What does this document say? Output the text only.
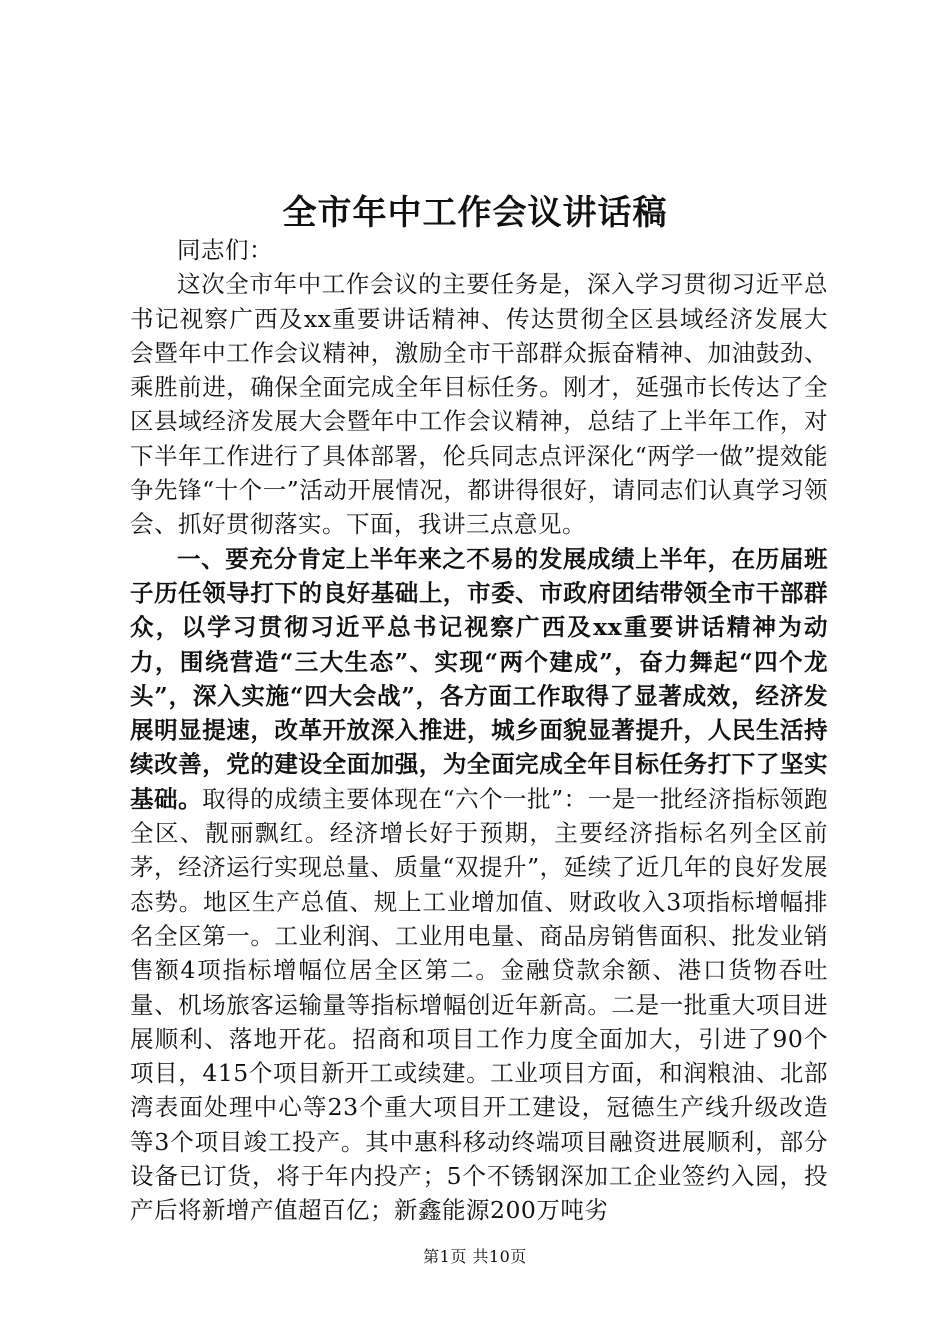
全市年中工作会议讲话稿

同志们：

这次全市年中工作会议的主要任务是，深入学习贯彻习近平总书记视察广西及xx重要讲话精神、传达贯彻全区县域经济发展大会暨年中工作会议精神，激励全市干部群众振奋精神、加油鼓劲、乘胜前进，确保全面完成全年目标任务。刚才，延强市长传达了全区县域经济发展大会暨年中工作会议精神，总结了上半年工作，对下半年工作进行了具体部署，伦兵同志点评深化“两学一做”提效能争先锋“十个一”活动开展情况，都讲得很好，请同志们认真学习领会、抓好贯彻落实。下面，我讲三点意见。

一、要充分肯定上半年来之不易的发展成绩上半年，在历届班子历任领导打下的良好基础上，市委、市政府团结带领全市干部群众，以学习贯彻习近平总书记视察广西及xx重要讲话精神为动力，围绕营造“三大生态”、实现“两个建成”，奋力舞起“四个龙头”，深入实施“四大会战”，各方面工作取得了显著成效，经济发展明显提速，改革开放深入推进，城乡面貌显著提升，人民生活持续改善，党的建设全面加强，为全面完成全年目标任务打下了坚实基础。取得的成绩主要体现在“六个一批”：一是一批经济指标领跑全区、靓丽飘红。经济增长好于预期，主要经济指标名列全区前茅，经济运行实现总量、质量“双提升”，延续了近几年的良好发展态势。地区生产总值、规上工业增加值、财政收入3项指标增幅排名全区第一。工业利润、工业用电量、商品房销售面积、批发业销售额4项指标增幅位居全区第二。金融贷款余额、港口货物吞吐量、机场旅客运输量等指标增幅创近年新高。二是一批重大项目进展顺利、落地开花。招商和项目工作力度全面加大，引进了90个项目，415个项目新开工或续建。工业项目方面，和润粮油、北部湾表面处理中心等23个重大项目开工建设，冠德生产线升级改造等3个项目竣工投产。其中惠科移动终端项目融资进展顺利，部分设备已订货，将于年内投产；5个不锈钢深加工企业签约入园，投产后将新增产值超百亿；新鑫能源200万吨劣

第1页 共10页
